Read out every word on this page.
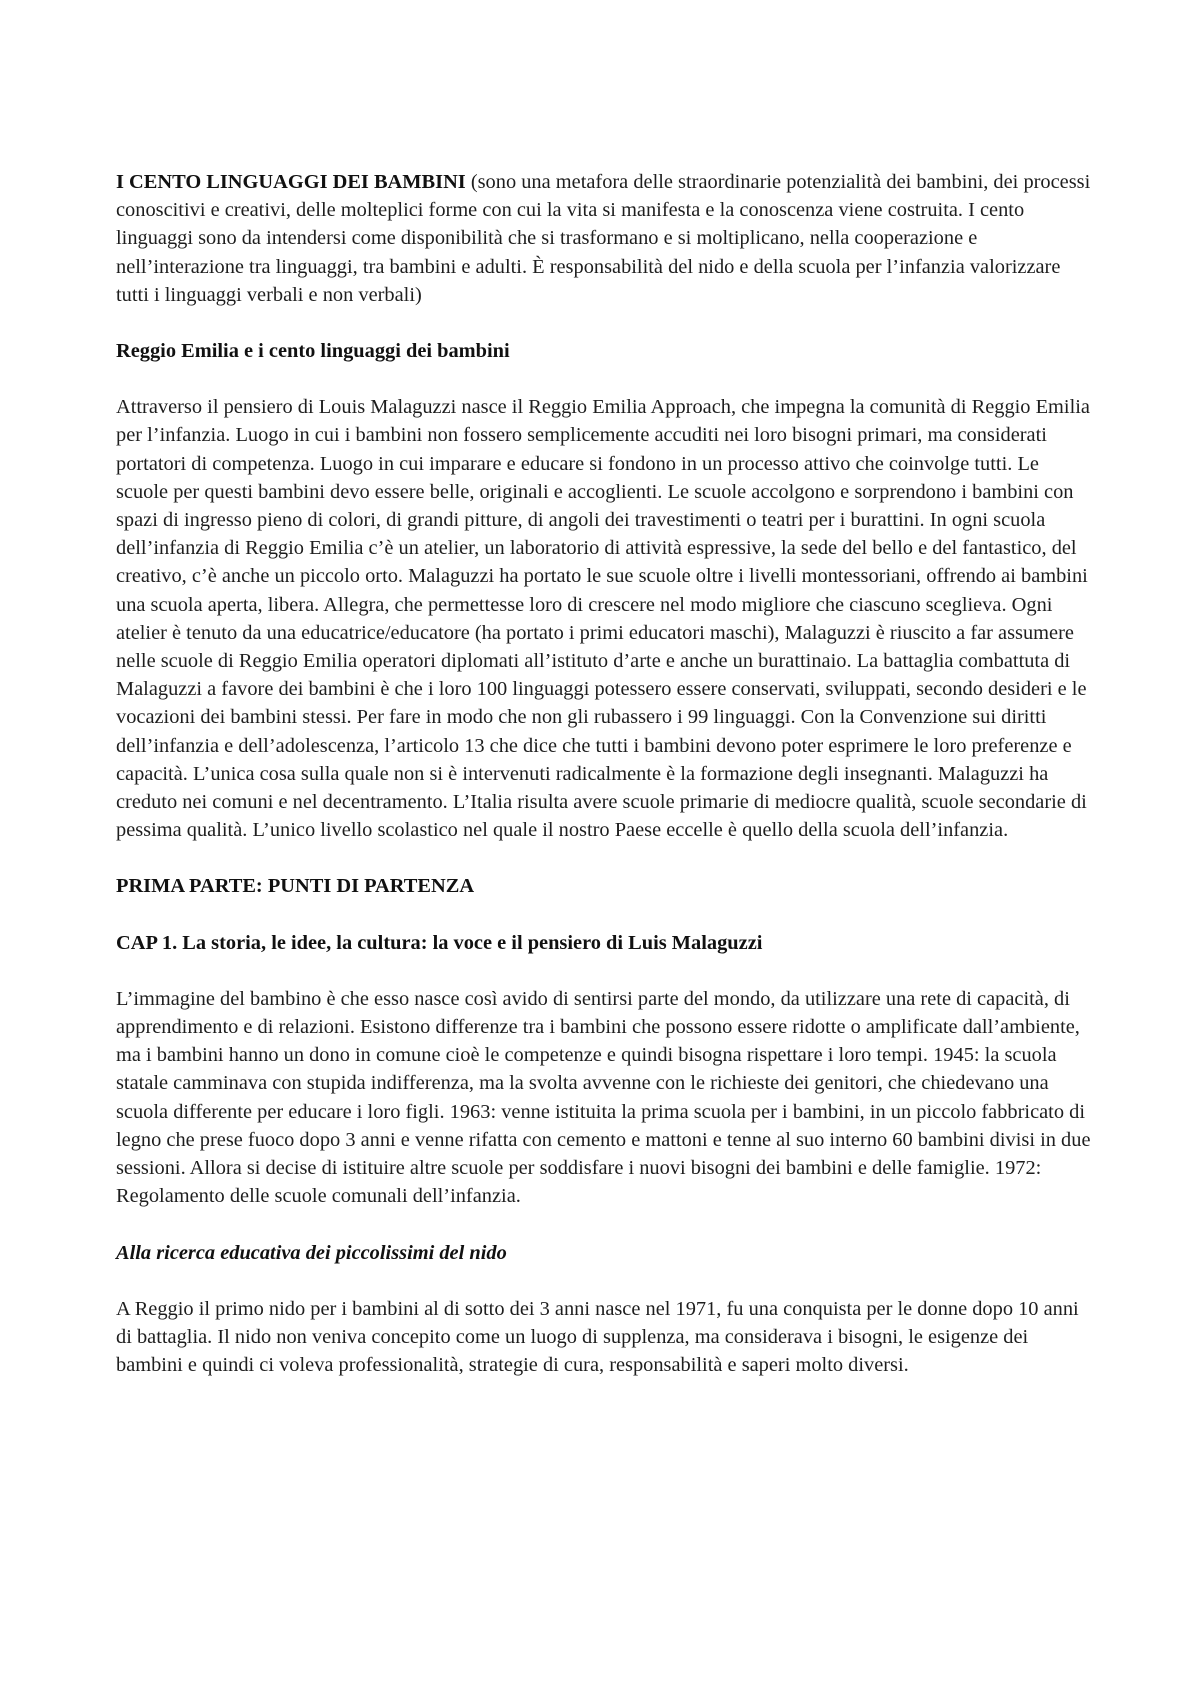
I CENTO LINGUAGGI DEI BAMBINI (sono una metafora delle straordinarie potenzialità dei bambini, dei processi conoscitivi e creativi, delle molteplici forme con cui la vita si manifesta e la conoscenza viene costruita. I cento linguaggi sono da intendersi come disponibilità che si trasformano e si moltiplicano, nella cooperazione e nell’interazione tra linguaggi, tra bambini e adulti. È responsabilità del nido e della scuola per l’infanzia valorizzare tutti i linguaggi verbali e non verbali)

Reggio Emilia e i cento linguaggi dei bambini

Attraverso il pensiero di Louis Malaguzzi nasce il Reggio Emilia Approach, che impegna la comunità di Reggio Emilia per l’infanzia. Luogo in cui i bambini non fossero semplicemente accuditi nei loro bisogni primari, ma considerati portatori di competenza. Luogo in cui imparare e educare si fondono in un processo attivo che coinvolge tutti. Le scuole per questi bambini devo essere belle, originali e accoglienti. Le scuole accolgono e sorprendono i bambini con spazi di ingresso pieno di colori, di grandi pitture, di angoli dei travestimenti o teatri per i burattini. In ogni scuola dell’infanzia di Reggio Emilia c’è un atelier, un laboratorio di attività espressive, la sede del bello e del fantastico, del creativo, c’è anche un piccolo orto. Malaguzzi ha portato le sue scuole oltre i livelli montessoriani, offrendo ai bambini una scuola aperta, libera. Allegra, che permettesse loro di crescere nel modo migliore che ciascuno sceglieva. Ogni atelier è tenuto da una educatrice/educatore (ha portato i primi educatori maschi), Malaguzzi è riuscito a far assumere nelle scuole di Reggio Emilia operatori diplomati all’istituto d’arte e anche un burattinaio. La battaglia combattuta di Malaguzzi a favore dei bambini è che i loro 100 linguaggi potessero essere conservati, sviluppati, secondo desideri e le vocazioni dei bambini stessi. Per fare in modo che non gli rubassero i 99 linguaggi. Con la Convenzione sui diritti dell’infanzia e dell’adolescenza, l’articolo 13 che dice che tutti i bambini devono poter esprimere le loro preferenze e capacità. L’unica cosa sulla quale non si è intervenuti radicalmente è la formazione degli insegnanti. Malaguzzi ha creduto nei comuni e nel decentramento. L’Italia risulta avere scuole primarie di mediocre qualità, scuole secondarie di pessima qualità. L’unico livello scolastico nel quale il nostro Paese eccelle è quello della scuola dell’infanzia.

PRIMA PARTE: PUNTI DI PARTENZA

CAP 1. La storia, le idee, la cultura: la voce e il pensiero di Luis Malaguzzi

L’immagine del bambino è che esso nasce così avido di sentirsi parte del mondo, da utilizzare una rete di capacità, di apprendimento e di relazioni. Esistono differenze tra i bambini che possono essere ridotte o amplificate dall’ambiente, ma i bambini hanno un dono in comune cioè le competenze e quindi bisogna rispettare i loro tempi. 1945: la scuola statale camminava con stupida indifferenza, ma la svolta avvenne con le richieste dei genitori, che chiedevano una scuola differente per educare i loro figli. 1963: venne istituita la prima scuola per i bambini, in un piccolo fabbricato di legno che prese fuoco dopo 3 anni e venne rifatta con cemento e mattoni e tenne al suo interno 60 bambini divisi in due sessioni. Allora si decise di istituire altre scuole per soddisfare i nuovi bisogni dei bambini e delle famiglie. 1972: Regolamento delle scuole comunali dell’infanzia.

Alla ricerca educativa dei piccolissimi del nido

A Reggio il primo nido per i bambini al di sotto dei 3 anni nasce nel 1971, fu una conquista per le donne dopo 10 anni di battaglia. Il nido non veniva concepito come un luogo di supplenza, ma considerava i bisogni, le esigenze dei bambini e quindi ci voleva professionalità, strategie di cura, responsabilità e saperi molto diversi.
